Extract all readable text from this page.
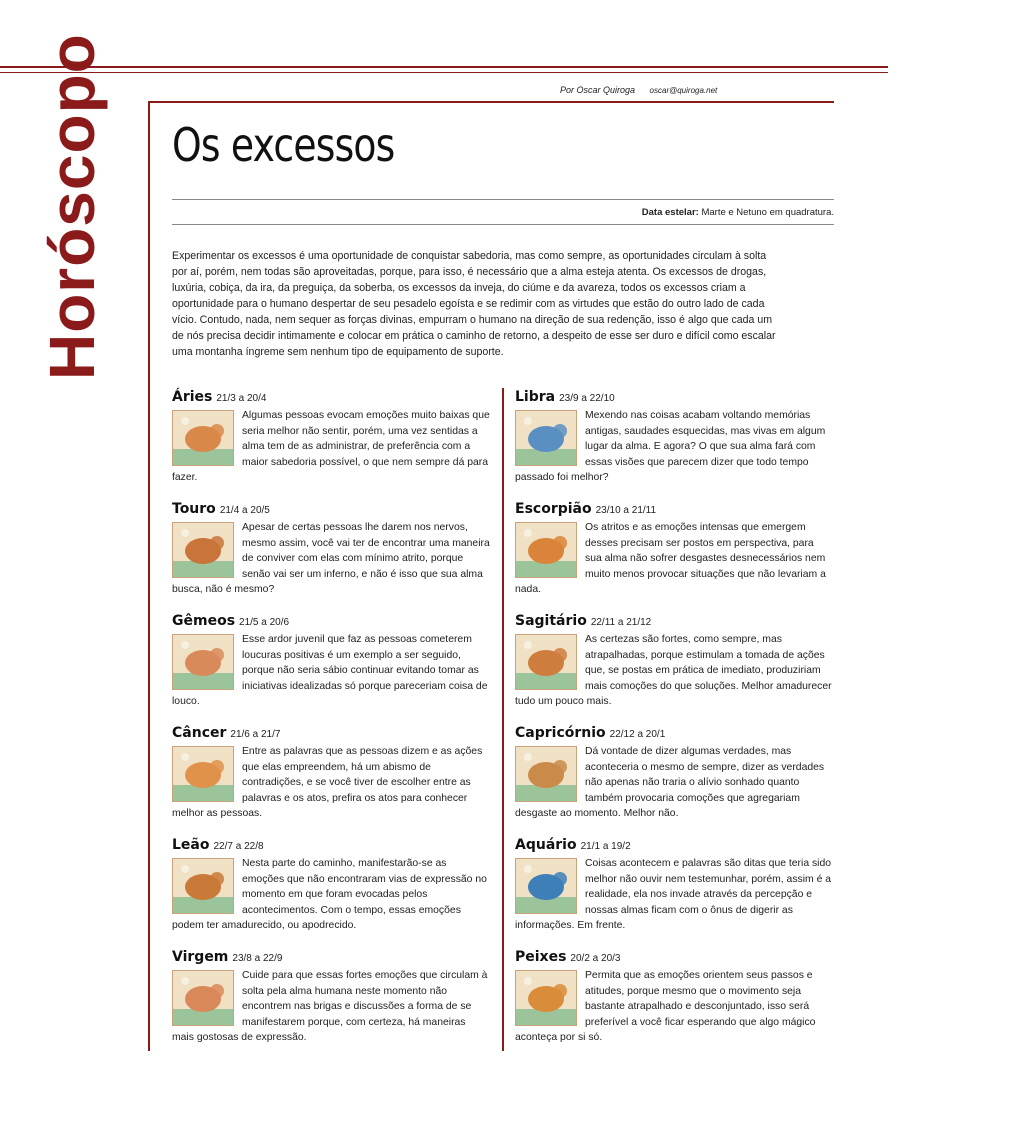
Por Oscar Quiroga oscar@quiroga.net
Horóscopo Os excessos
Data estelar: Marte e Netuno em quadratura.

Experimentar os excessos é uma oportunidade de conquistar sabedoria, mas como sempre, as oportunidades circulam à solta por aí, porém, nem todas são aproveitadas, porque, para isso, é necessário que a alma esteja atenta. Os excessos de drogas, luxúria, cobiça, da ira, da preguiça, da soberba, os excessos da inveja, do ciúme e da avareza, todos os excessos criam a oportunidade para o humano despertar de seu pesadelo egoísta e se redimir com as virtudes que estão do outro lado de cada vício. Contudo, nada, nem sequer as forças divinas, empurram o humano na direção de sua redenção, isso é algo que cada um de nós precisa decidir intimamente e colocar em prática o caminho de retorno, a despeito de esse ser duro e difícil como escalar uma montanha íngreme sem nenhum tipo de equipamento de suporte.

Áries 21/3 a 20/4
Algumas pessoas evocam emoções muito baixas que seria melhor não sentir, porém, uma vez sentidas a alma tem de as administrar, de preferência com a maior sabedoria possível, o que nem sempre dá para fazer.
Touro 21/4 a 20/5
Apesar de certas pessoas lhe darem nos nervos, mesmo assim, você vai ter de encontrar uma maneira de conviver com elas com mínimo atrito, porque senão vai ser um inferno, e não é isso que sua alma busca, não é mesmo?
Gêmeos 21/5 a 20/6
Esse ardor juvenil que faz as pessoas cometerem loucuras positivas é um exemplo a ser seguido, porque não seria sábio continuar evitando tomar as iniciativas idealizadas só porque pareceriam coisa de louco.
Câncer 21/6 a 21/7
Entre as palavras que as pessoas dizem e as ações que elas empreendem, há um abismo de contradições, e se você tiver de escolher entre as palavras e os atos, prefira os atos para conhecer melhor as pessoas.
Leão 22/7 a 22/8
Nesta parte do caminho, manifestarão-se as emoções que não encontraram vias de expressão no momento em que foram evocadas pelos acontecimentos. Com o tempo, essas emoções podem ter amadurecido, ou apodrecido.
Virgem 23/8 a 22/9
Cuide para que essas fortes emoções que circulam à solta pela alma humana neste momento não encontrem nas brigas e discussões a forma de se manifestarem porque, com certeza, há maneiras mais gostosas de expressão.
Libra 23/9 a 22/10
Mexendo nas coisas acabam voltando memórias antigas, saudades esquecidas, mas vivas em algum lugar da alma. E agora? O que sua alma fará com essas visões que parecem dizer que todo tempo passado foi melhor?
Escorpião 23/10 a 21/11
Os atritos e as emoções intensas que emergem desses precisam ser postos em perspectiva, para sua alma não sofrer desgastes desnecessários nem muito menos provocar situações que não levariam a nada.
Sagitário 22/11 a 21/12
As certezas são fortes, como sempre, mas atrapalhadas, porque estimulam a tomada de ações que, se postas em prática de imediato, produziriam mais comoções do que soluções. Melhor amadurecer tudo um pouco mais.
Capricórnio 22/12 a 20/1
Dá vontade de dizer algumas verdades, mas aconteceria o mesmo de sempre, dizer as verdades não apenas não traria o alívio sonhado quanto também provocaria comoções que agregariam desgaste ao momento. Melhor não.
Aquário 21/1 a 19/2
Coisas acontecem e palavras são ditas que teria sido melhor não ouvir nem testemunhar, porém, assim é a realidade, ela nos invade através da percepção e nossas almas ficam com o ônus de digerir as informações. Em frente.
Peixes 20/2 a 20/3
Permita que as emoções orientem seus passos e atitudes, porque mesmo que o movimento seja bastante atrapalhado e desconjuntado, isso será preferível a você ficar esperando que algo mágico aconteça por si só.
